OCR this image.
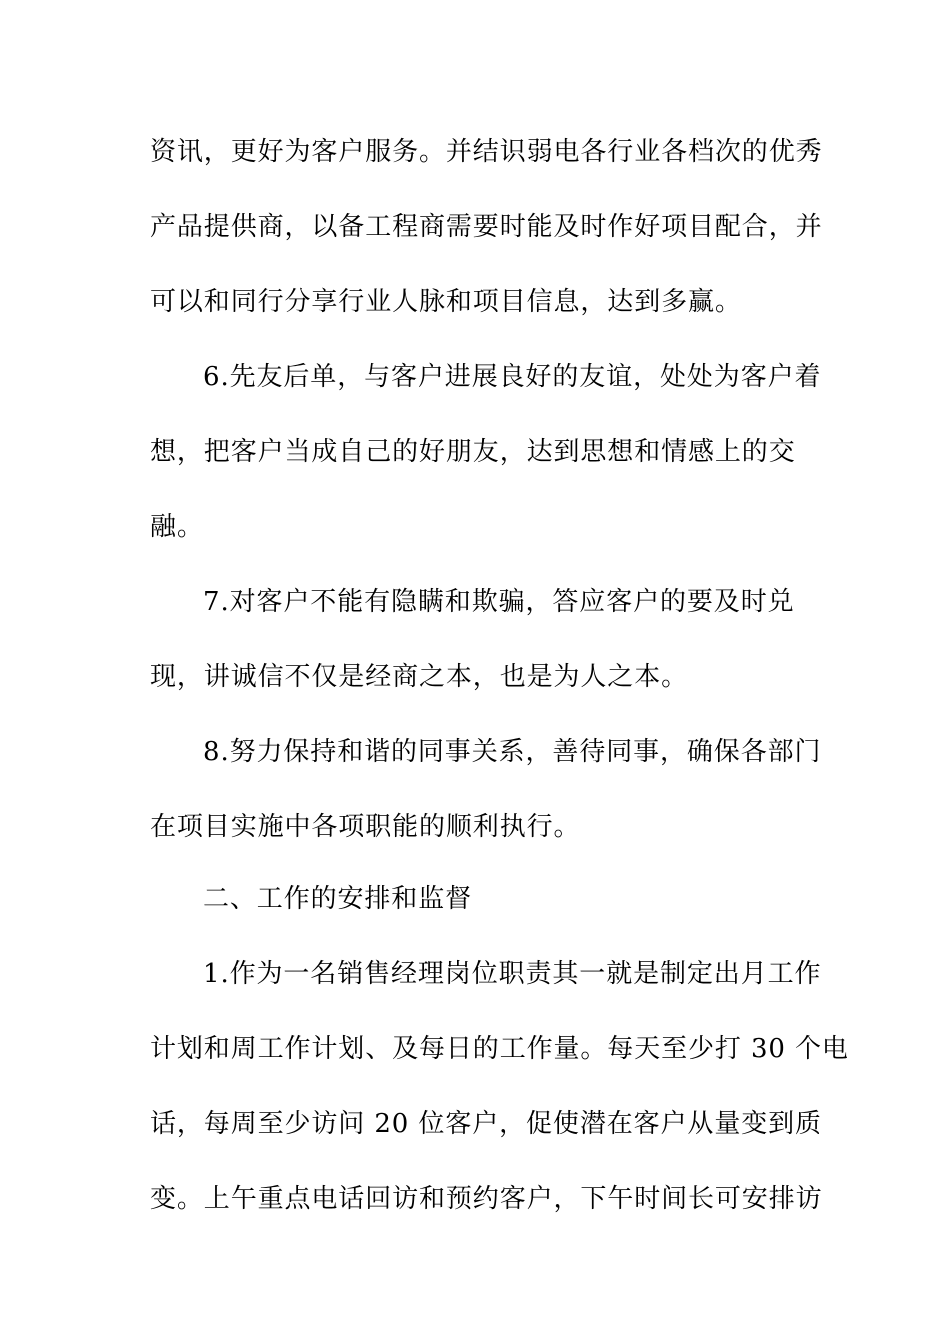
资讯，更好为客户服务。并结识弱电各行业各档次的优秀
产品提供商，以备工程商需要时能及时作好项目配合，并
可以和同行分享行业人脉和项目信息，达到多赢。
6.先友后单，与客户进展良好的友谊，处处为客户着
想，把客户当成自己的好朋友，达到思想和情感上的交
融。
7.对客户不能有隐瞒和欺骗，答应客户的要及时兑
现，讲诚信不仅是经商之本，也是为人之本。
8.努力保持和谐的同事关系，善待同事，确保各部门
在项目实施中各项职能的顺利执行。
二、工作的安排和监督
1.作为一名销售经理岗位职责其一就是制定出月工作
计划和周工作计划、及每日的工作量。每天至少打 30 个电
话，每周至少访问 20 位客户，促使潜在客户从量变到质
变。上午重点电话回访和预约客户，下午时间长可安排访
